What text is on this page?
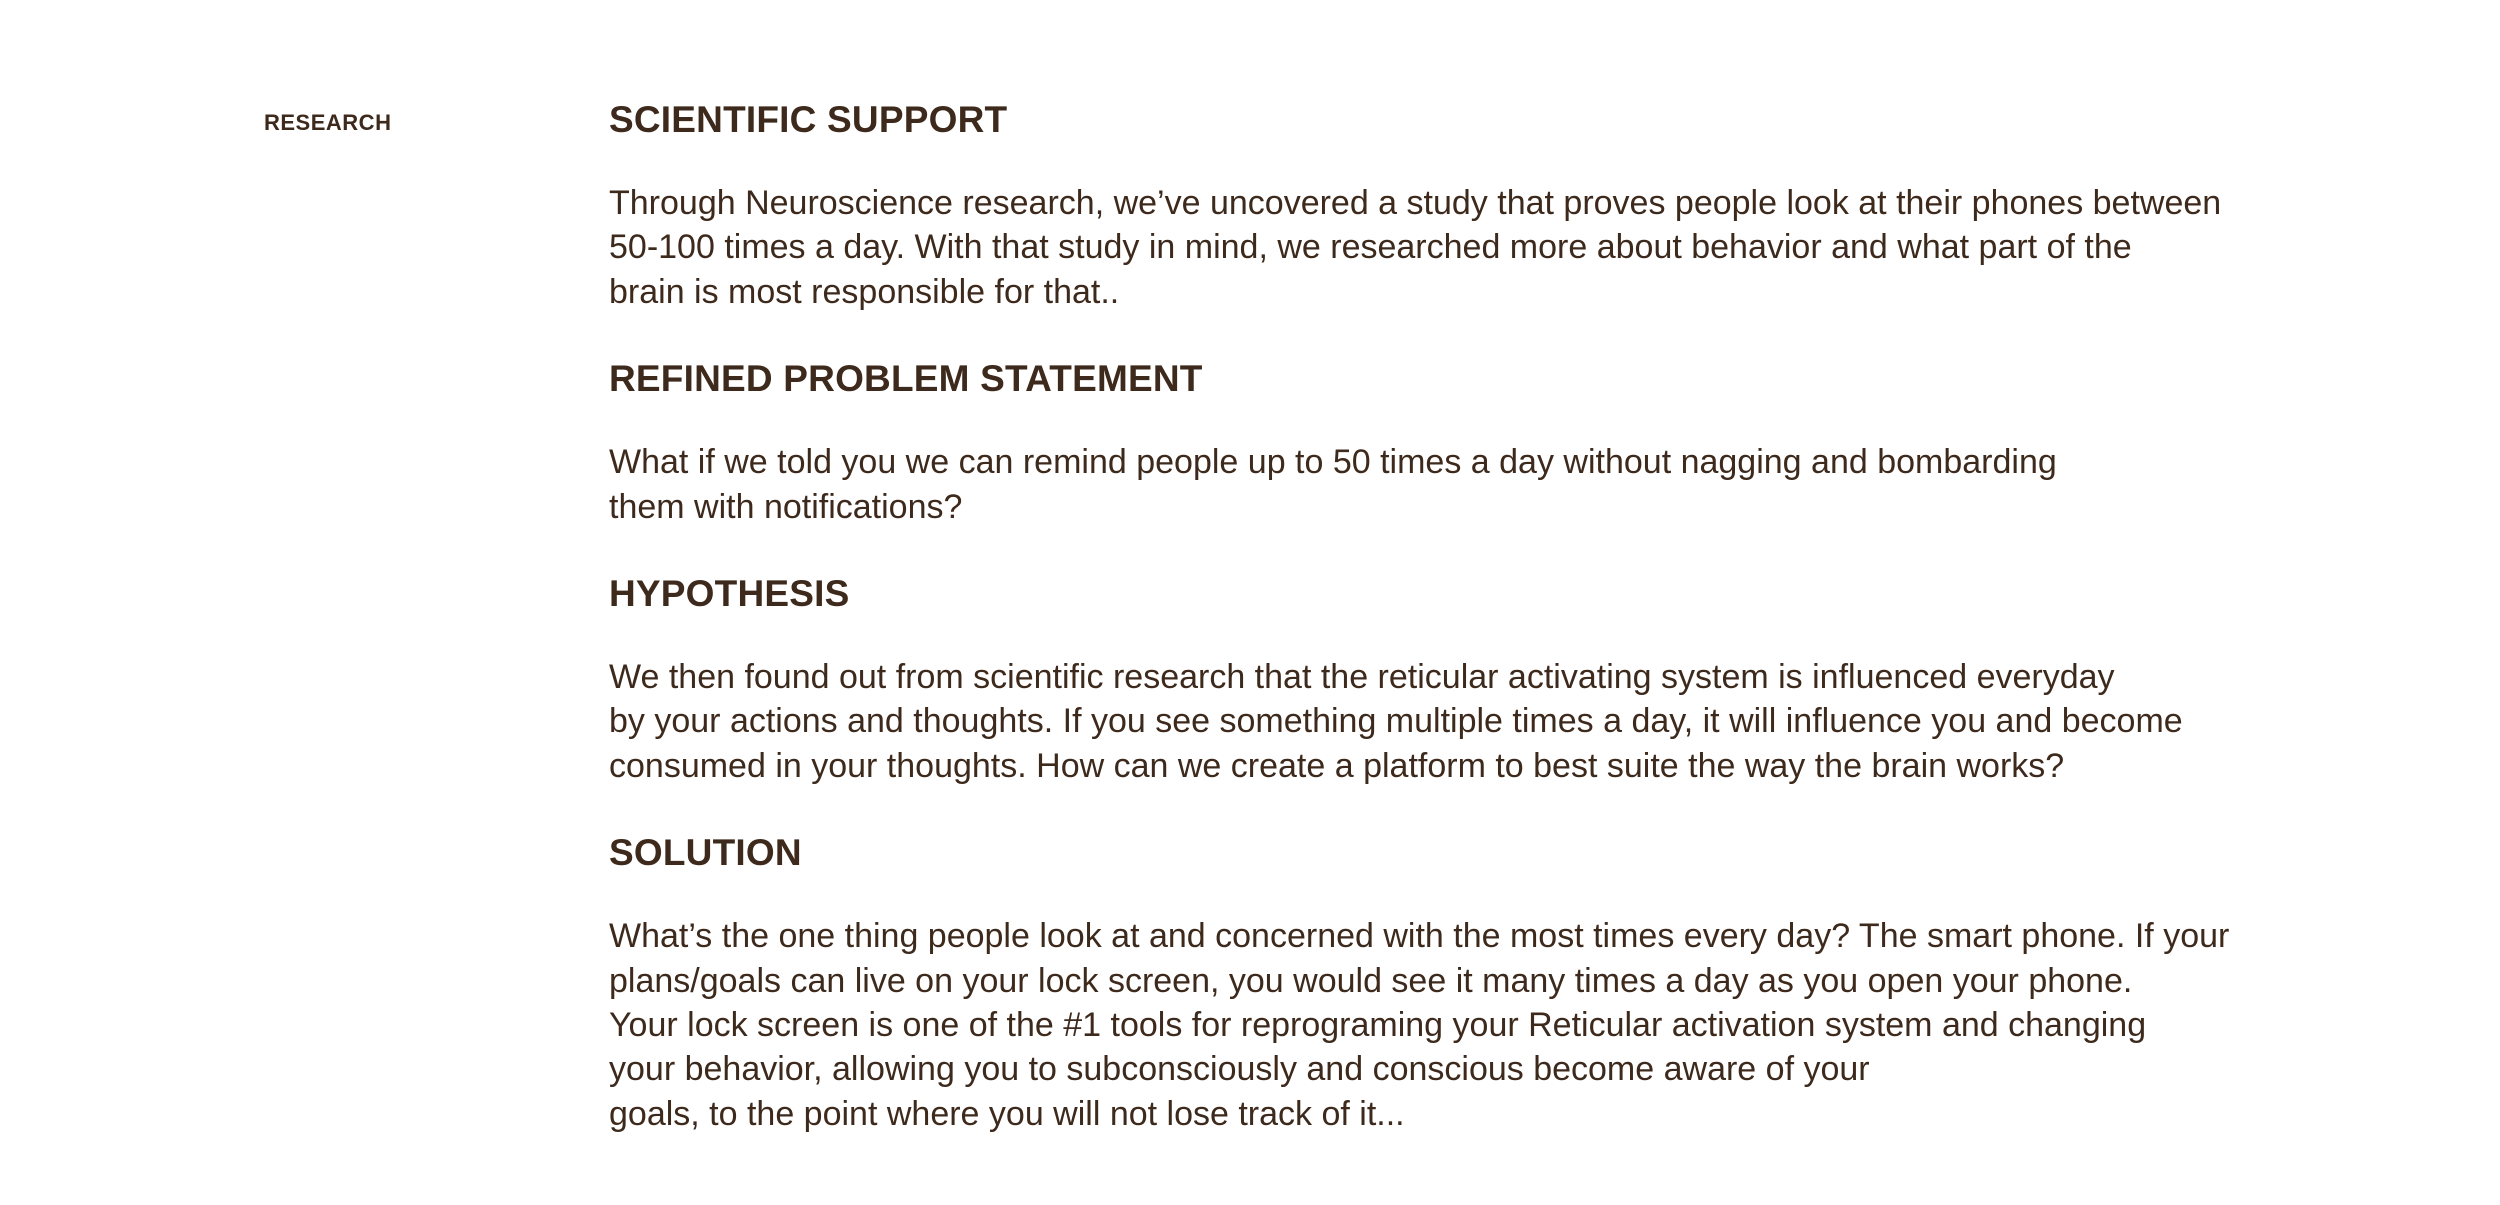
RESEARCH	SCIENTIFIC SUPPORT

Through Neuroscience research, we’ve uncovered a study that proves people look at their phones between
50-100 times a day. With that study in mind, we researched more about behavior and what part of the
brain is most responsible for that..

REFINED PROBLEM STATEMENT

What if we told you we can remind people up to 50 times a day without nagging and bombarding
them with notifications?

HYPOTHESIS

We then found out from scientific research that the reticular activating system is influenced everyday
by your actions and thoughts. If you see something multiple times a day, it will influence you and become
consumed in your thoughts. How can we create a platform to best suite the way the brain works?

SOLUTION

What’s the one thing people look at and concerned with the most times every day? The smart phone. If your
plans/goals can live on your lock screen, you would see it many times a day as you open your phone.
Your lock screen is one of the #1 tools for reprograming your Reticular activation system and changing
your behavior, allowing you to subconsciously and conscious become aware of your
goals, to the point where you will not lose track of it...
